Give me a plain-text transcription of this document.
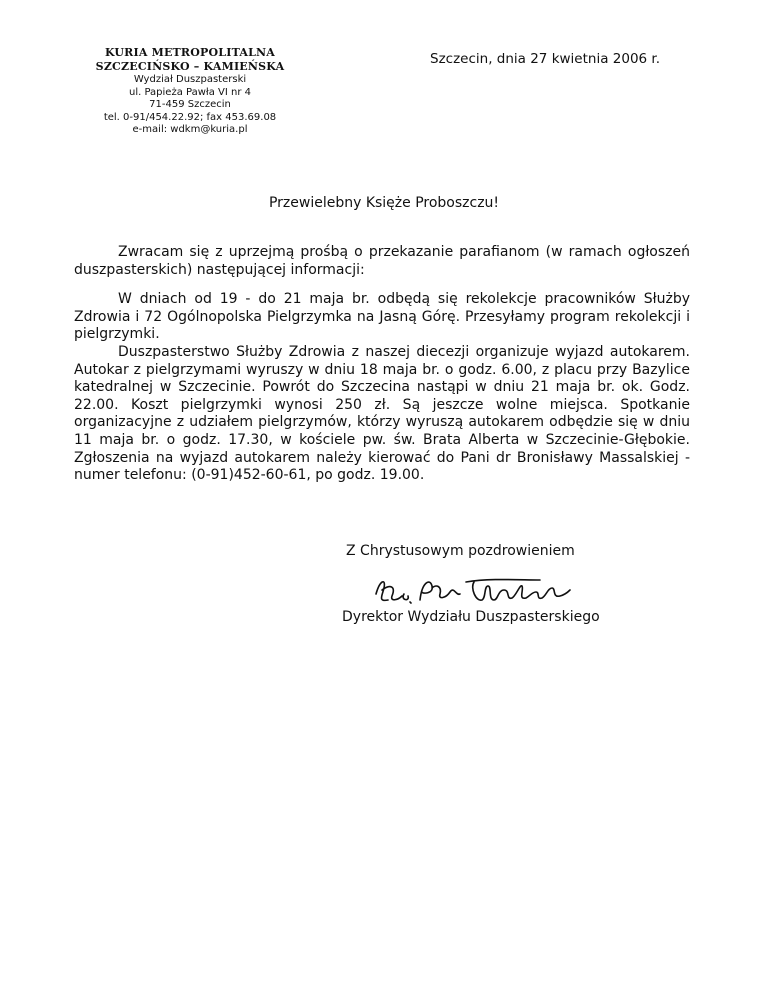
KURIA METROPOLITALNA
SZCZECIŃSKO – KAMIEŃSKA
Wydział Duszpasterski
ul. Papieża Pawła VI nr 4
71-459 Szczecin
tel. 0-91/454.22.92; fax 453.69.08
e-mail: wdkm@kuria.pl
Szczecin, dnia 27 kwietnia 2006 r.
Przewielebny Księże Proboszczu!

Zwracam się z uprzejmą prośbą o przekazanie parafianom (w ramach ogłoszeń duszpasterskich) następującej informacji:

W dniach od 19 - do 21 maja br. odbędą się rekolekcje pracowników Służby Zdrowia i 72 Ogólnopolska Pielgrzymka na Jasną Górę. Przesyłamy program rekolekcji i pielgrzymki.

Duszpasterstwo Służby Zdrowia z naszej diecezji organizuje wyjazd autokarem. Autokar z pielgrzymami wyruszy w dniu 18 maja br. o godz. 6.00, z placu przy Bazylice katedralnej w Szczecinie. Powrót do Szczecina nastąpi w dniu 21 maja br. ok. Godz. 22.00. Koszt pielgrzymki wynosi 250 zł. Są jeszcze wolne miejsca. Spotkanie organizacyjne z udziałem pielgrzymów, którzy wyruszą autokarem odbędzie się w dniu 11 maja br. o godz. 17.30, w kościele pw. św. Brata Alberta w Szczecinie-Głębokie. Zgłoszenia na wyjazd autokarem należy kierować do Pani dr Bronisławy Massalskiej - numer telefonu: (0-91)452-60-61, po godz. 19.00.

Z Chrystusowym pozdrowieniem
Dyrektor Wydziału Duszpasterskiego
